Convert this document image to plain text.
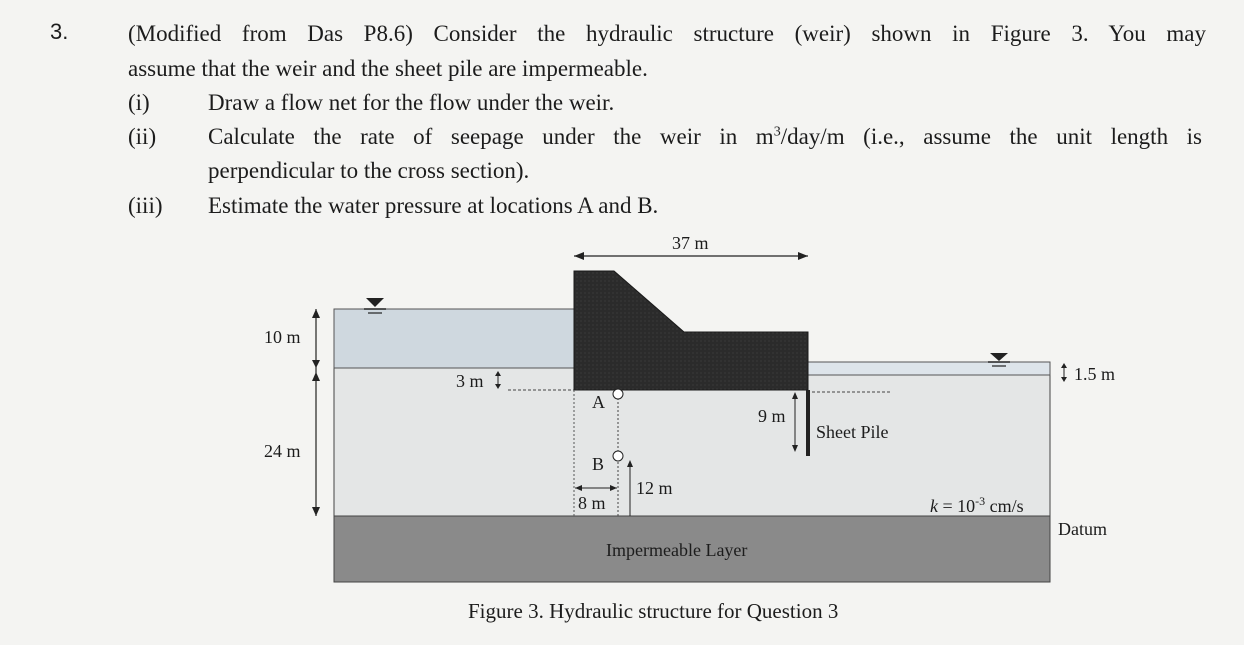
3.	(Modified from Das P8.6) Consider the hydraulic structure (weir) shown in Figure 3. You may
assume that the weir and the sheet pile are impermeable.
(i)	Draw a flow net for the flow under the weir.
(ii) Calculate the rate of seepage under the weir in $m^3/day/m$ (i.e., assume the unit length is
perpendicular to the cross section).
(iii) Estimate the water pressure at locations A and B.
37 m
10 m
24 m
3 m
A
B
8 m
12 m
9 m
Sheet Pile
1.5 m
$k = 10^{-3}$ cm/s
Datum
Impermeable Layer
Figure 3. Hydraulic structure for Question 3
